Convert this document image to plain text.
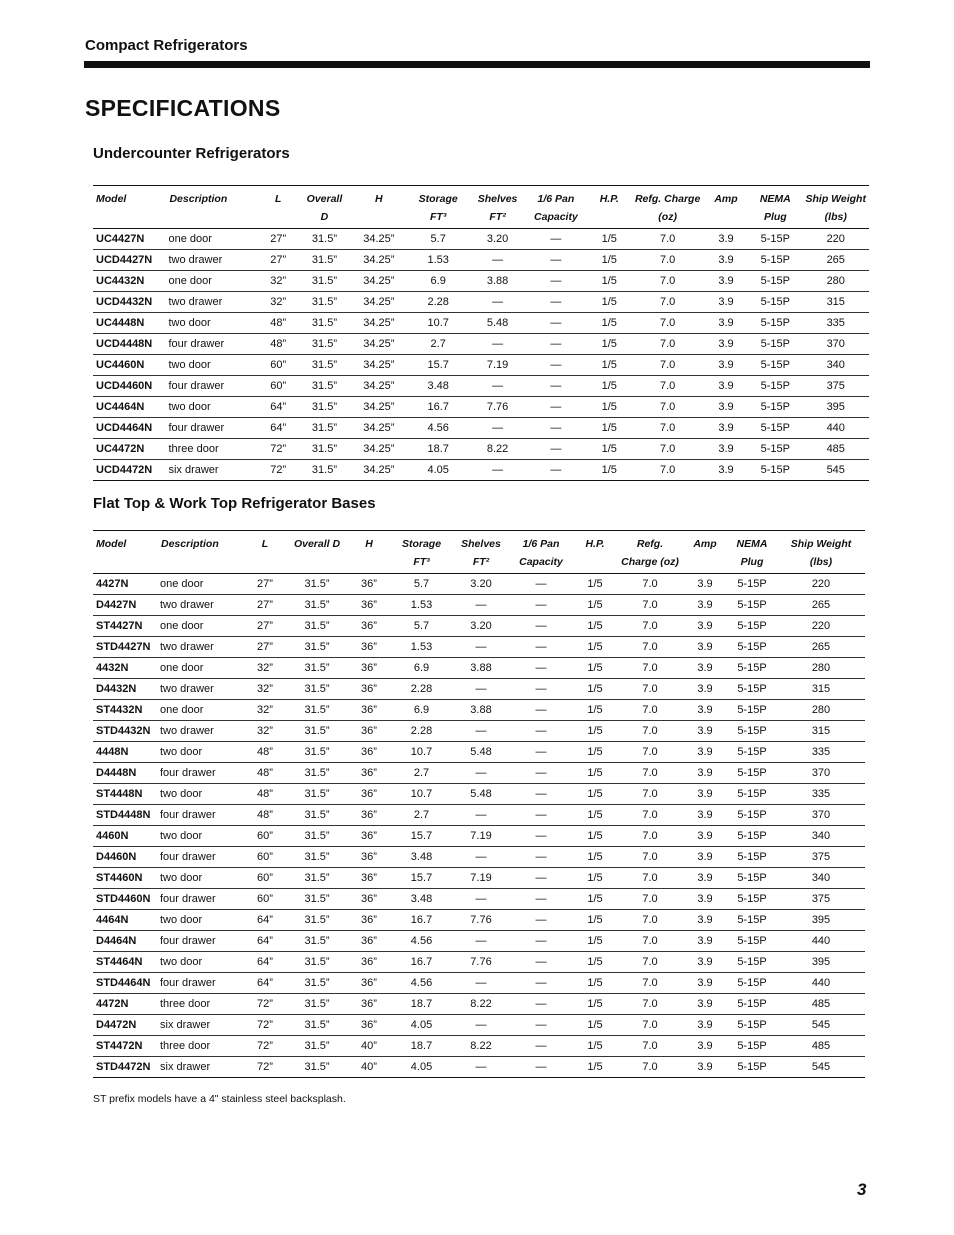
Compact Refrigerators
SPECIFICATIONS
Undercounter Refrigerators
Model	Description	L	Overall	H	Storage	Shelves	1/6 Pan	H.P.	Refg. Charge	Amp	NEMA	Ship Weight
			D		FT³	FT²	Capacity		(oz)		Plug	(lbs)
UC4427N	one door	27”	31.5”	34.25”	5.7	3.20	—	1/5	7.0	3.9	5-15P	220
UCD4427N	two drawer	27”	31.5”	34.25”	1.53	—	—	1/5	7.0	3.9	5-15P	265
UC4432N	one door	32”	31.5”	34.25”	6.9	3.88	—	1/5	7.0	3.9	5-15P	280
UCD4432N	two drawer	32”	31.5”	34.25”	2.28	—	—	1/5	7.0	3.9	5-15P	315
UC4448N	two door	48”	31.5”	34.25”	10.7	5.48	—	1/5	7.0	3.9	5-15P	335
UCD4448N	four drawer	48”	31.5”	34.25”	2.7	—	—	1/5	7.0	3.9	5-15P	370
UC4460N	two door	60”	31.5”	34.25”	15.7	7.19	—	1/5	7.0	3.9	5-15P	340
UCD4460N	four drawer	60”	31.5”	34.25”	3.48	—	—	1/5	7.0	3.9	5-15P	375
UC4464N	two door	64”	31.5”	34.25”	16.7	7.76	—	1/5	7.0	3.9	5-15P	395
UCD4464N	four drawer	64”	31.5”	34.25”	4.56	—	—	1/5	7.0	3.9	5-15P	440
UC4472N	three door	72”	31.5”	34.25”	18.7	8.22	—	1/5	7.0	3.9	5-15P	485
UCD4472N	six drawer	72”	31.5”	34.25”	4.05	—	—	1/5	7.0	3.9	5-15P	545
Flat Top & Work Top Refrigerator Bases
Model	Description	L	Overall D	H	Storage	Shelves	1/6 Pan	H.P.	Refg.	Amp	NEMA	Ship Weight
					FT³	FT²	Capacity		Charge (oz)		Plug	(lbs)
4427N	one door	27”	31.5”	36”	5.7	3.20	—	1/5	7.0	3.9	5-15P	220
D4427N	two drawer	27”	31.5”	36”	1.53	—	—	1/5	7.0	3.9	5-15P	265
ST4427N	one door	27”	31.5”	36”	5.7	3.20	—	1/5	7.0	3.9	5-15P	220
STD4427N	two drawer	27”	31.5”	36”	1.53	—	—	1/5	7.0	3.9	5-15P	265
4432N	one door	32”	31.5”	36”	6.9	3.88	—	1/5	7.0	3.9	5-15P	280
D4432N	two drawer	32”	31.5”	36”	2.28	—	—	1/5	7.0	3.9	5-15P	315
ST4432N	one door	32”	31.5”	36”	6.9	3.88	—	1/5	7.0	3.9	5-15P	280
STD4432N	two drawer	32”	31.5”	36”	2.28	—	—	1/5	7.0	3.9	5-15P	315
4448N	two door	48”	31.5”	36”	10.7	5.48	—	1/5	7.0	3.9	5-15P	335
D4448N	four drawer	48”	31.5”	36”	2.7	—	—	1/5	7.0	3.9	5-15P	370
ST4448N	two door	48”	31.5”	36”	10.7	5.48	—	1/5	7.0	3.9	5-15P	335
STD4448N	four drawer	48”	31.5”	36”	2.7	—	—	1/5	7.0	3.9	5-15P	370
4460N	two door	60”	31.5”	36”	15.7	7.19	—	1/5	7.0	3.9	5-15P	340
D4460N	four drawer	60”	31.5”	36”	3.48	—	—	1/5	7.0	3.9	5-15P	375
ST4460N	two door	60”	31.5”	36”	15.7	7.19	—	1/5	7.0	3.9	5-15P	340
STD4460N	four drawer	60”	31.5”	36”	3.48	—	—	1/5	7.0	3.9	5-15P	375
4464N	two door	64”	31.5”	36”	16.7	7.76	—	1/5	7.0	3.9	5-15P	395
D4464N	four drawer	64”	31.5”	36”	4.56	—	—	1/5	7.0	3.9	5-15P	440
ST4464N	two door	64”	31.5”	36”	16.7	7.76	—	1/5	7.0	3.9	5-15P	395
STD4464N	four drawer	64”	31.5”	36”	4.56	—	—	1/5	7.0	3.9	5-15P	440
4472N	three door	72”	31.5”	36”	18.7	8.22	—	1/5	7.0	3.9	5-15P	485
D4472N	six drawer	72”	31.5”	36”	4.05	—	—	1/5	7.0	3.9	5-15P	545
ST4472N	three door	72”	31.5”	40”	18.7	8.22	—	1/5	7.0	3.9	5-15P	485
STD4472N	six drawer	72”	31.5”	40”	4.05	—	—	1/5	7.0	3.9	5-15P	545
ST prefix models have a 4" stainless steel backsplash.
3
